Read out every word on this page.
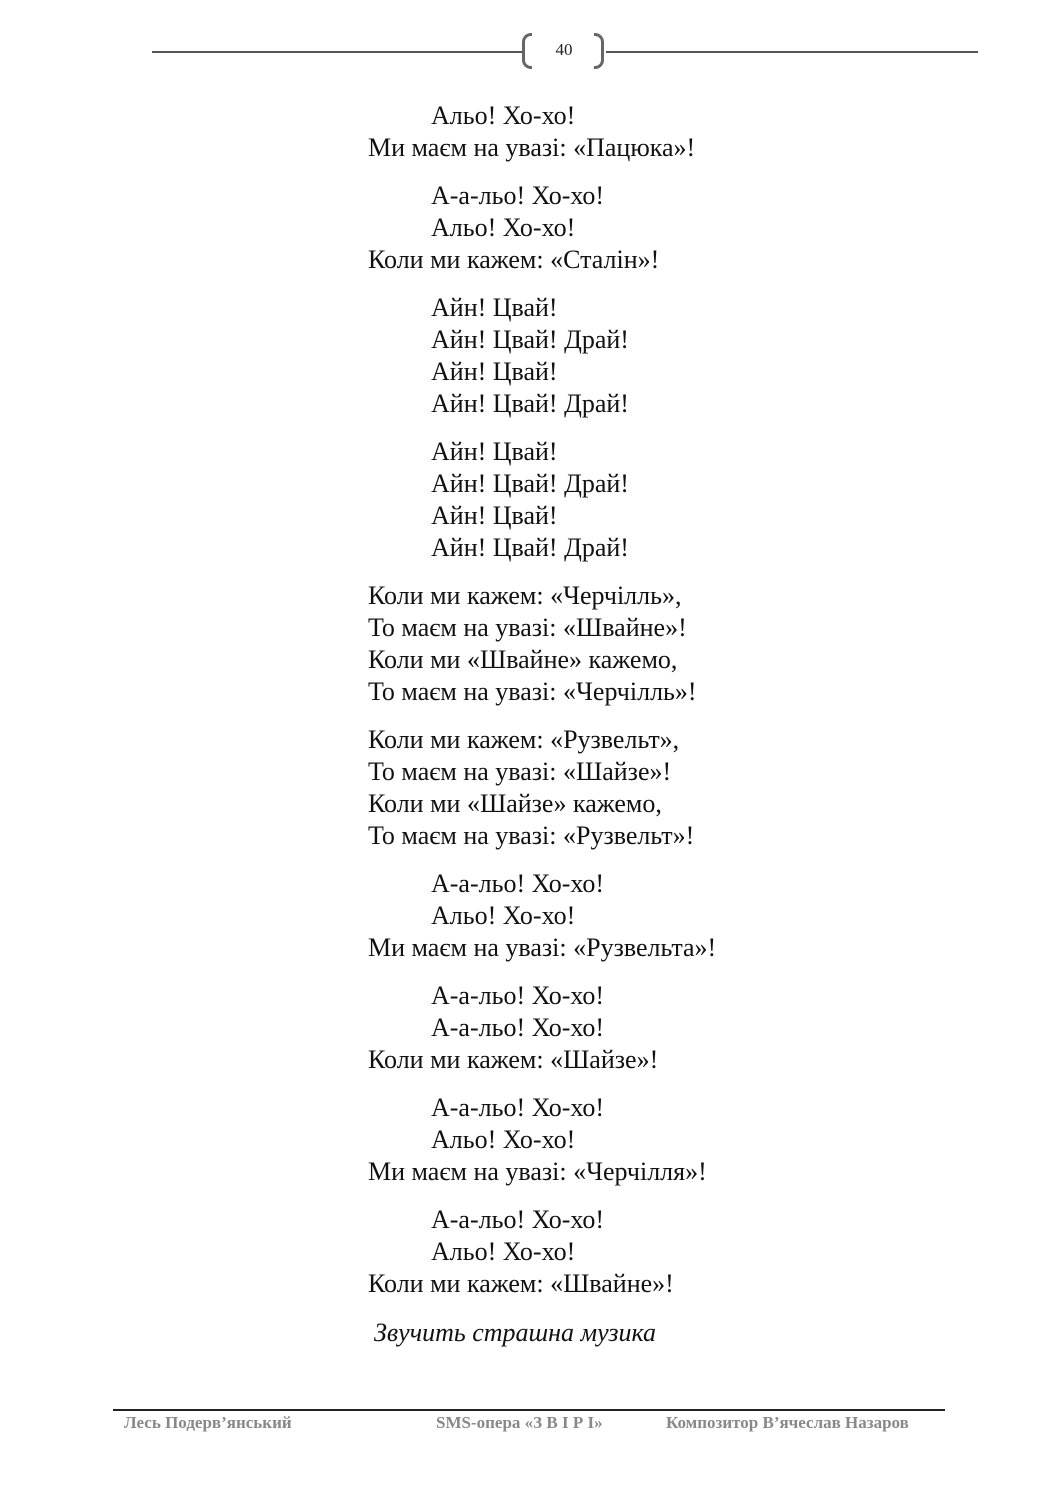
40
Альо! Хо-хо!
Ми маєм на увазі: «Пацюка»!
А-а-льо! Хо-хо!
Альо! Хо-хо!
Коли ми кажем: «Сталін»!
Айн! Цвай!
Айн! Цвай! Драй!
Айн! Цвай!
Айн! Цвай! Драй!
Айн! Цвай!
Айн! Цвай! Драй!
Айн! Цвай!
Айн! Цвай! Драй!
Коли ми кажем: «Черчілль»,
То маєм на увазі: «Швайне»!
Коли ми «Швайне» кажемо,
То маєм на увазі: «Черчілль»!
Коли ми кажем: «Рузвельт»,
То маєм на увазі: «Шайзе»!
Коли ми «Шайзе» кажемо,
То маєм на увазі: «Рузвельт»!
А-а-льо! Хо-хо!
Альо! Хо-хо!
Ми маєм на увазі: «Рузвельта»!
А-а-льо! Хо-хо!
А-а-льо! Хо-хо!
Коли ми кажем: «Шайзе»!
А-а-льо! Хо-хо!
Альо! Хо-хо!
Ми маєм на увазі: «Черчілля»!
А-а-льо! Хо-хо!
Альо! Хо-хо!
Коли ми кажем: «Швайне»!
Звучить страшна музика
Лесь Подерв’янський	SMS-опера «З В І Р І»	Композитор В’ячеслав Назаров
